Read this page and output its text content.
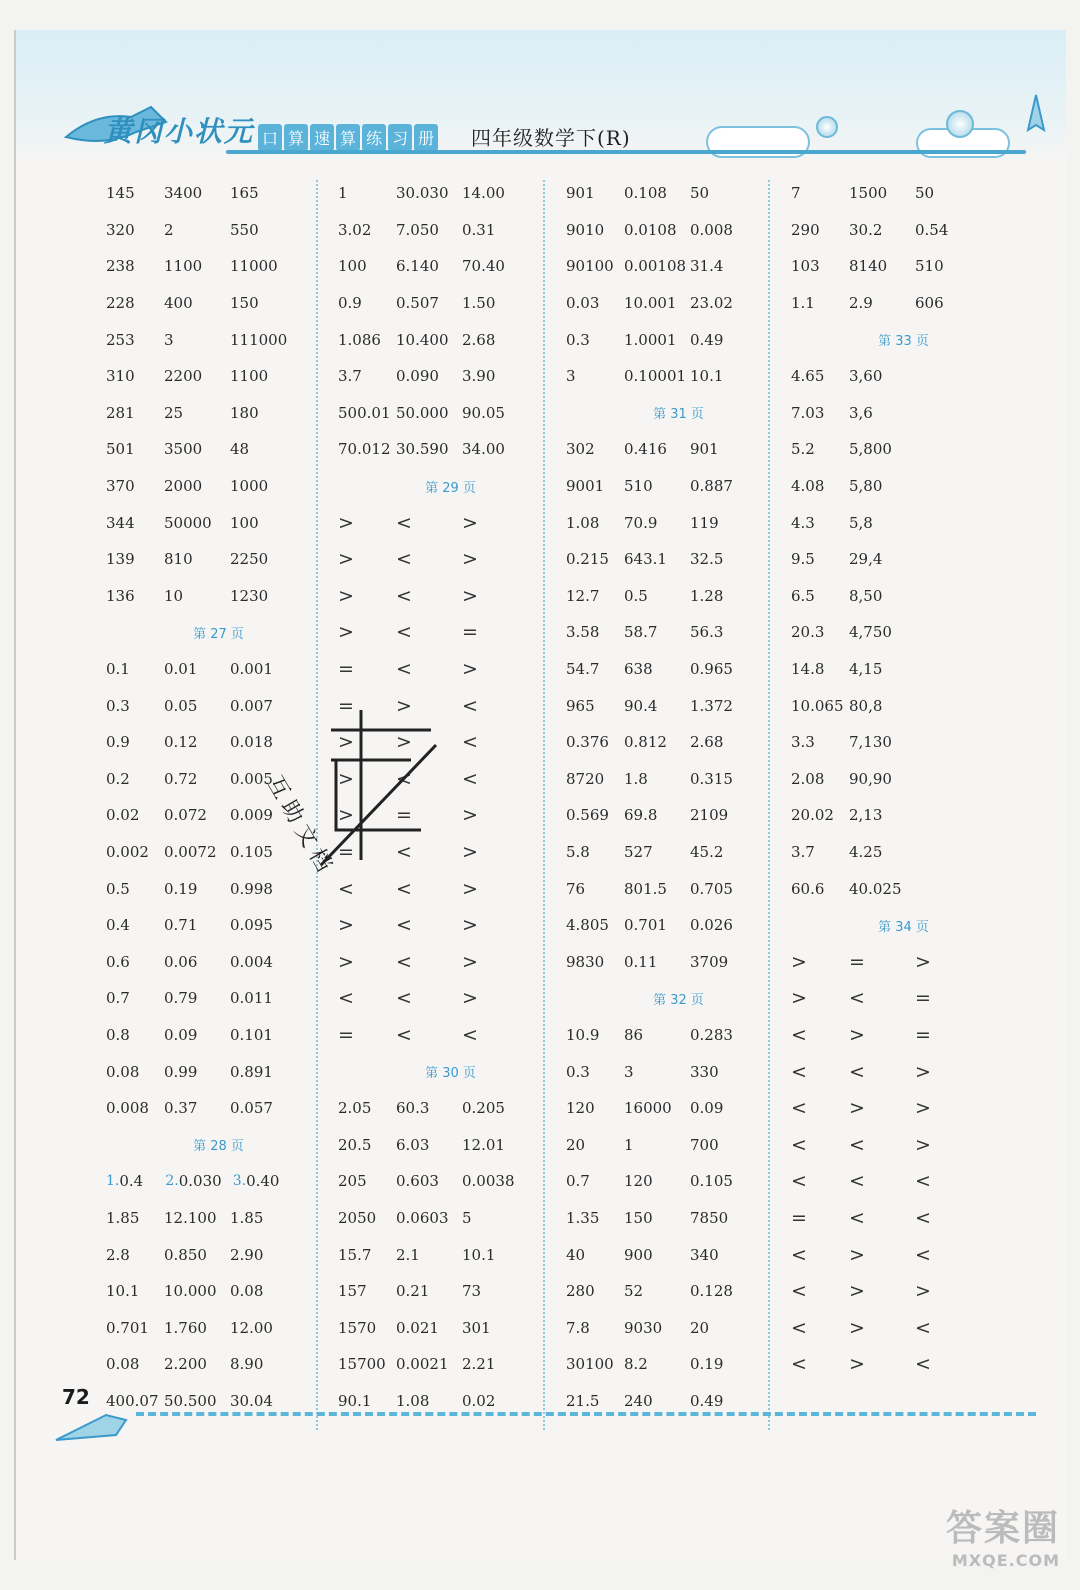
黄冈小状元 口 算 速 算 练 习 册 四年级数学下(R)
145	3400	165
320	2	550
238	1100	11000
228	400	150
253	3	111000
310	2200	1100
281	25	180
501	3500	48
370	2000	1000
344	50000	100
139	810	2250
136	10	1230
第 27 页
0.1	0.01	0.001
0.3	0.05	0.007
0.9	0.12	0.018
0.2	0.72	0.005
0.02	0.072	0.009
0.002	0.0072 0.105
0.5	0.19	0.998
0.4	0.71	0.095
0.6	0.06	0.004
0.7	0.79	0.011
0.8	0.09	0.101
0.08	0.99	0.891
0.008	0.37	0.057
第 28 页
1. 0.4	2. 0.030 3. 0.40
1.85	12.100 1.85
2.8	0.850	2.90
10.1	10.000 0.08
0.701	1.760	12.00
0.08	2.200	8.90
400.07 50.500 30.04
1	30.030 14.00
3.02	7.050	0.31
100	6.140	70.40
0.9	0.507	1.50
1.086	10.400 2.68
3.7	0.090	3.90
500.01 50.000 90.05
70.012 30.590 34.00
第 29 页
>	<	>
>	<	>
>	<	>
>	<	=
=	<	>
=	>	<
>	>	<
>	<	<
>	=	>
=	<	>
<	<	>
>	<	>
>	<	>
<	<	>
=	<	<
第 30 页
2.05	60.3	0.205
20.5	6.03	12.01
205	0.603	0.0038
2050	0.0603 5
15.7	2.1	10.1
157	0.21	73
1570	0.021	301
15700 0.0021 2.21
90.1	1.08	0.02
901	0.108	50
9010	0.0108 0.008
90100 0.00108 31.4
0.03	10.001 23.02
0.3	1.0001 0.49
3	0.10001 10.1
第 31 页
302	0.416	901
9001	510	0.887
1.08	70.9	119
0.215	643.1	32.5
12.7	0.5	1.28
3.58	58.7	56.3
54.7	638	0.965
965	90.4	1.372
0.376	0.812	2.68
8720	1.8	0.315
0.569	69.8	2109
5.8	527	45.2
76	801.5	0.705
4.805	0.701	0.026
9830	0.11	3709
第 32 页
10.9	86	0.283
0.3	3	330
120	16000	0.09
20	1	700
0.7	120	0.105
1.35	150	7850
40	900	340
280	52	0.128
7.8	9030	20
30100 8.2	0.19
21.5	240	0.49
7	1500	50
290	30.2	0.54
103	8140	510
1.1	2.9	606
第 33 页
4.65	3,60
7.03	3,6
5.2	5,800
4.08	5,80
4.3	5,8
9.5	29,4
6.5	8,50
20.3	4,750
14.8	4,15
10.065 80,8
3.3	7,130
2.08	90,90
20.02	2,13
3.7	4.25
60.6	40.025
第 34 页
>	=	>
>	<	=
<	>	=
<	<	>
<	>	>
<	<	>
<	<	<
=	<	<
<	>	<
<	>	>
<	>	<
<	>	<
互助文档
72
答案圈
MXQE.COM
